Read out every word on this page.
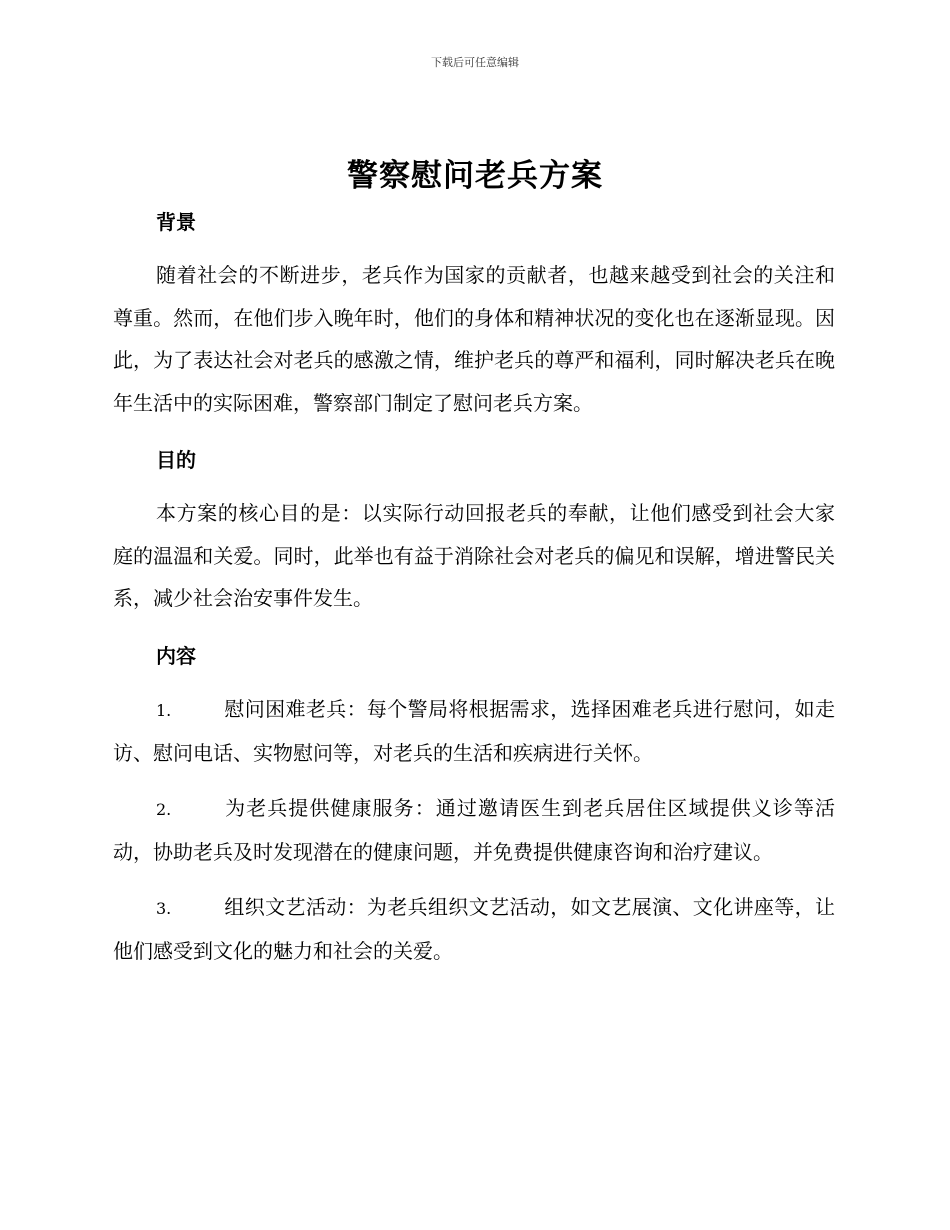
下载后可任意编辑
警察慰问老兵方案
背景

随着社会的不断进步，老兵作为国家的贡献者，也越来越受到社会的关注和尊重。然而，在他们步入晚年时，他们的身体和精神状况的变化也在逐渐显现。因此，为了表达社会对老兵的感激之情，维护老兵的尊严和福利，同时解决老兵在晚年生活中的实际困难，警察部门制定了慰问老兵方案。

目的

本方案的核心目的是：以实际行动回报老兵的奉献，让他们感受到社会大家庭的温温和关爱。同时，此举也有益于消除社会对老兵的偏见和误解，增进警民关系，减少社会治安事件发生。

内容

1.	慰问困难老兵：每个警局将根据需求，选择困难老兵进行慰问，如走访、慰问电话、实物慰问等，对老兵的生活和疾病进行关怀。

2.	为老兵提供健康服务：通过邀请医生到老兵居住区域提供义诊等活动，协助老兵及时发现潜在的健康问题，并免费提供健康咨询和治疗建议。

3.	组织文艺活动：为老兵组织文艺活动，如文艺展演、文化讲座等，让他们感受到文化的魅力和社会的关爱。
